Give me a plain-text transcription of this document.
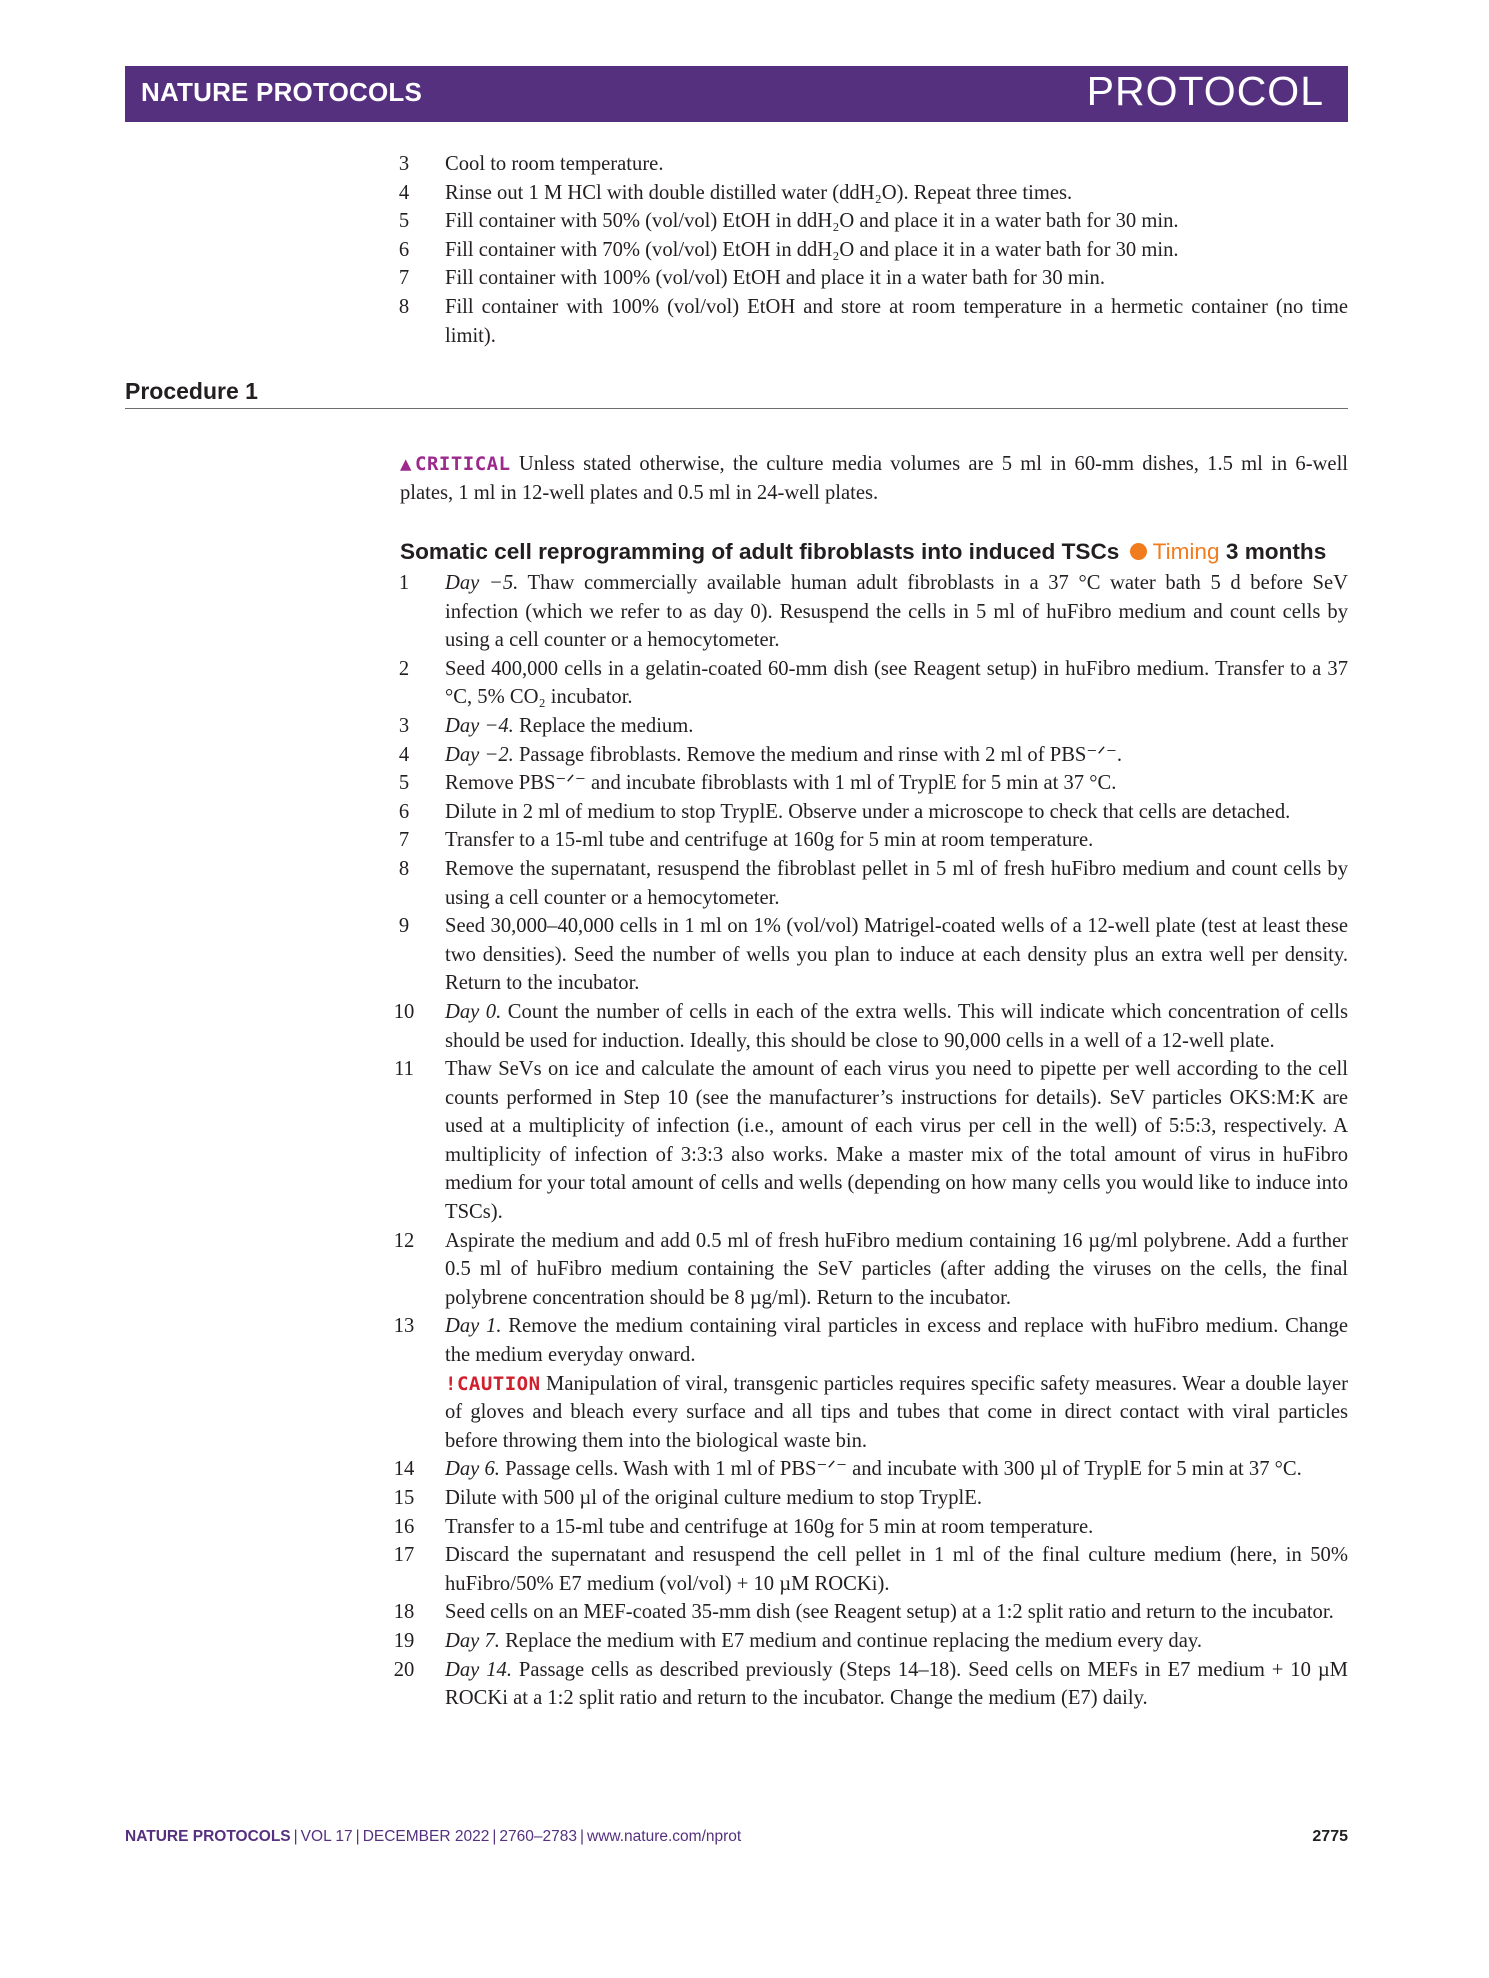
NATURE PROTOCOLS	PROTOCOL
3	Cool to room temperature.
4	Rinse out 1 M HCl with double distilled water (ddH₂O). Repeat three times.
5	Fill container with 50% (vol/vol) EtOH in ddH₂O and place it in a water bath for 30 min.
6	Fill container with 70% (vol/vol) EtOH in ddH₂O and place it in a water bath for 30 min.
7	Fill container with 100% (vol/vol) EtOH and place it in a water bath for 30 min.
8	Fill container with 100% (vol/vol) EtOH and store at room temperature in a hermetic container (no time limit).
Procedure 1
▲CRITICAL Unless stated otherwise, the culture media volumes are 5 ml in 60-mm dishes, 1.5 ml in 6-well plates, 1 ml in 12-well plates and 0.5 ml in 24-well plates.
Somatic cell reprogramming of adult fibroblasts into induced TSCs Timing 3 months
1	Day −5. Thaw commercially available human adult fibroblasts in a 37 °C water bath 5 d before SeV infection (which we refer to as day 0). Resuspend the cells in 5 ml of huFibro medium and count cells by using a cell counter or a hemocytometer.
2	Seed 400,000 cells in a gelatin-coated 60-mm dish (see Reagent setup) in huFibro medium. Transfer to a 37 °C, 5% CO₂ incubator.
3	Day −4. Replace the medium.
4	Day −2. Passage fibroblasts. Remove the medium and rinse with 2 ml of PBS⁻ᐟ⁻.
5	Remove PBS⁻ᐟ⁻ and incubate fibroblasts with 1 ml of TryplE for 5 min at 37 °C.
6	Dilute in 2 ml of medium to stop TryplE. Observe under a microscope to check that cells are detached.
7	Transfer to a 15-ml tube and centrifuge at 160g for 5 min at room temperature.
8	Remove the supernatant, resuspend the fibroblast pellet in 5 ml of fresh huFibro medium and count cells by using a cell counter or a hemocytometer.
9	Seed 30,000–40,000 cells in 1 ml on 1% (vol/vol) Matrigel-coated wells of a 12-well plate (test at least these two densities). Seed the number of wells you plan to induce at each density plus an extra well per density. Return to the incubator.
10 Day 0. Count the number of cells in each of the extra wells. This will indicate which concentration of cells should be used for induction. Ideally, this should be close to 90,000 cells in a well of a 12-well plate.
11 Thaw SeVs on ice and calculate the amount of each virus you need to pipette per well according to the cell counts performed in Step 10 (see the manufacturer’s instructions for details). SeV particles OKS:M:K are used at a multiplicity of infection (i.e., amount of each virus per cell in the well) of 5:5:3, respectively. A multiplicity of infection of 3:3:3 also works. Make a master mix of the total amount of virus in huFibro medium for your total amount of cells and wells (depending on how many cells you would like to induce into TSCs).
12 Aspirate the medium and add 0.5 ml of fresh huFibro medium containing 16 µg/ml polybrene. Add a further 0.5 ml of huFibro medium containing the SeV particles (after adding the viruses on the cells, the final polybrene concentration should be 8 µg/ml). Return to the incubator.
13 Day 1. Remove the medium containing viral particles in excess and replace with huFibro medium. Change the medium everyday onward.
!CAUTION Manipulation of viral, transgenic particles requires specific safety measures. Wear a double layer of gloves and bleach every surface and all tips and tubes that come in direct contact with viral particles before throwing them into the biological waste bin.
14 Day 6. Passage cells. Wash with 1 ml of PBS⁻ᐟ⁻ and incubate with 300 µl of TryplE for 5 min at 37 °C.
15 Dilute with 500 µl of the original culture medium to stop TryplE.
16 Transfer to a 15-ml tube and centrifuge at 160g for 5 min at room temperature.
17 Discard the supernatant and resuspend the cell pellet in 1 ml of the final culture medium (here, in 50% huFibro/50% E7 medium (vol/vol) + 10 µM ROCKi).
18 Seed cells on an MEF-coated 35-mm dish (see Reagent setup) at a 1:2 split ratio and return to the incubator.
19 Day 7. Replace the medium with E7 medium and continue replacing the medium every day.
20 Day 14. Passage cells as described previously (Steps 14–18). Seed cells on MEFs in E7 medium + 10 µM ROCKi at a 1:2 split ratio and return to the incubator. Change the medium (E7) daily.
NATURE PROTOCOLS | VOL 17 | DECEMBER 2022 | 2760–2783 | www.nature.com/nprot	2775
